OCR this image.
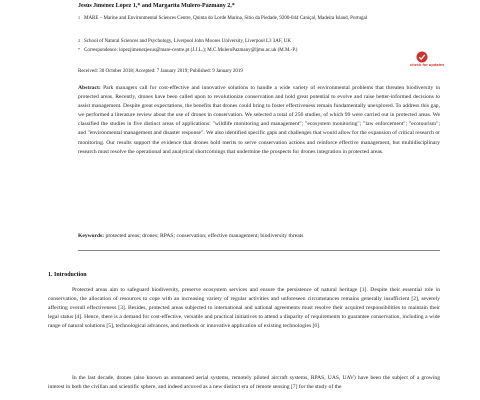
Jesús Jiménez López 1,* and Margarita Mulero-Pázmány 2,*
1 MARE – Marine and Environmental Sciences Centre, Quinta do Lorde Marina, Sítio da Piedade, 9200-044 Caniçal, Madeira Island, Portugal
2 School of Natural Sciences and Psychology, Liverpool John Moores University, Liverpool L3 3AF, UK
* Correspondence: lopezjimenezjesus@mare-centre.pt (J.J.L.); M.C.MuleroPazmany@ljmu.ac.uk (M.M.-P.)
check for updates
Received: 30 October 2018; Accepted: 7 January 2019; Published: 9 January 2019

Abstract: Park managers call for cost-effective and innovative solutions to handle a wide variety of environmental problems that threaten biodiversity in protected areas. Recently, drones have been called upon to revolutionize conservation and hold great potential to evolve and raise better-informed decisions to assist management. Despite great expectations, the benefits that drones could bring to foster effectiveness remain fundamentally unexplored. To address this gap, we performed a literature review about the use of drones in conservation. We selected a total of 256 studies, of which 99 were carried out in protected areas. We classified the studies in five distinct areas of applications: "wildlife monitoring and management"; "ecosystem monitoring"; "law enforcement"; "ecotourism"; and "environmental management and disaster response". We also identified specific gaps and challenges that would allow for the expansion of critical research or monitoring. Our results support the evidence that drones hold merits to serve conservation actions and reinforce effective management, but multidisciplinary research must resolve the operational and analytical shortcomings that undermine the prospects for drones integration in protected areas.

Keywords: protected areas; drones; RPAS; conservation; effective management; biodiversity threats
1. Introduction

Protected areas aim to safeguard biodiversity, preserve ecosystem services and ensure the persistence of natural heritage [1]. Despite their essential role in conservation, the allocation of resources to cope with an increasing variety of regular activities and unforeseen circumstances remains generally insufficient [2], severely affecting overall effectiveness [3]. Besides, protected areas subjected to international and national agreements must resolve their acquired responsibilities to maintain their legal status [4]. Hence, there is a demand for cost-effective, versatile and practical initiatives to attend a disparity of requirements to guarantee conservation, including a wide range of natural solutions [5], technological advances, and methods or innovative application of existing technologies [6].

In the last decade, drones (also known as unmanned aerial systems, remotely piloted aircraft systems, RPAS, UAS, UAV) have been the subject of a growing interest in both the civilian and scientific sphere, and indeed arcuved as a new distinct era of remote sensing [7] for the study of the
